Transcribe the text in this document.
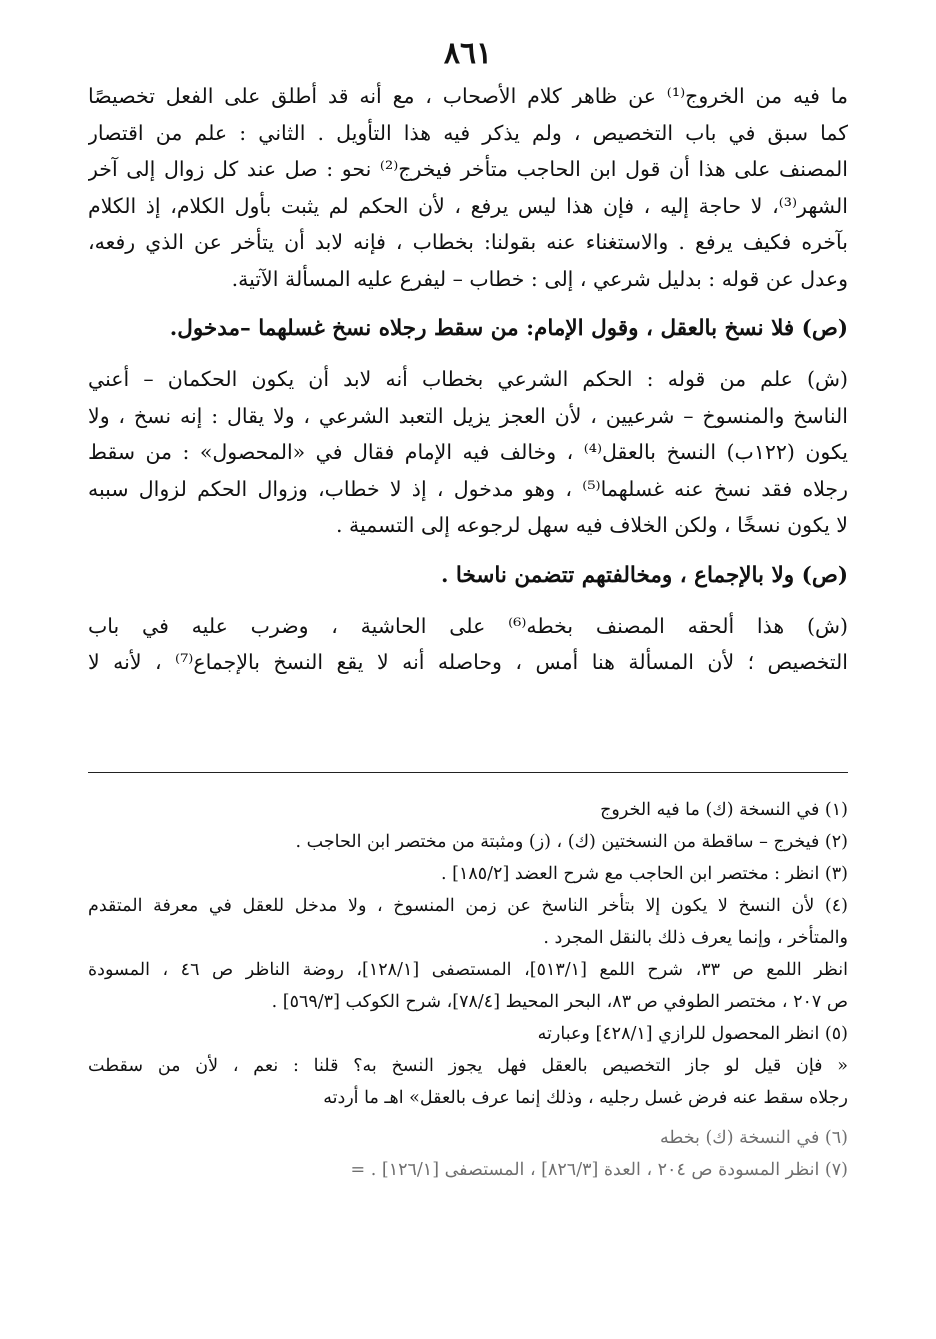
٨٦١
ما فيه من الخروج⁽¹⁾ عن ظاهر كلام الأصحاب ، مع أنه قد أطلق على الفعل تخصيصًا
كما سبق في باب التخصيص ، ولم يذكر فيه هذا التأويل . الثاني : علم من اقتصار
المصنف على هذا أن قول ابن الحاجب متأخر فيخرج⁽²⁾ نحو : صل عند كل زوال إلى آخر
الشهر⁽³⁾، لا حاجة إليه ، فإن هذا ليس يرفع ، لأن الحكم لم يثبت بأول الكلام، إذ الكلام
بآخره فكيف يرفع . والاستغناء عنه بقولنا: بخطاب ، فإنه لابد أن يتأخر عن الذي رفعه،
وعدل عن قوله : بدليل شرعي ، إلى : خطاب – ليفرع عليه المسألة الآتية.
(ص) فلا نسخ بالعقل ، وقول الإمام: من سقط رجلاه نسخ غسلهما –مدخول.
(ش) علم من قوله : الحكم الشرعي بخطاب أنه لابد أن يكون الحكمان – أعني
الناسخ والمنسوخ – شرعيين ، لأن العجز يزيل التعبد الشرعي ، ولا يقال : إنه نسخ ، ولا
يكون (١٢٢ب) النسخ بالعقل⁽⁴⁾ ، وخالف فيه الإمام فقال في «المحصول» : من سقط
رجلاه فقد نسخ عنه غسلهما⁽⁵⁾ ، وهو مدخول ، إذ لا خطاب، وزوال الحكم لزوال سببه
لا يكون نسخًا ، ولكن الخلاف فيه سهل لرجوعه إلى التسمية .
(ص) ولا بالإجماع ، ومخالفتهم تتضمن ناسخا .
(ش) هذا ألحقه المصنف بخطه⁽⁶⁾ على الحاشية ، وضرب عليه في باب
التخصيص ؛ لأن المسألة هنا أمس ، وحاصله أنه لا يقع النسخ بالإجماع⁽⁷⁾ ، لأنه لا
(١) في النسخة (ك) ما فيه الخروج
(٢) فيخرج – ساقطة من النسختين (ك) ، (ز) ومثبتة من مختصر ابن الحاجب .
(٣) انظر : مختصر ابن الحاجب مع شرح العضد [١٨٥/٢] .
(٤) لأن النسخ لا يكون إلا بتأخر الناسخ عن زمن المنسوخ ، ولا مدخل للعقل في معرفة المتقدم
والمتأخر ، وإنما يعرف ذلك بالنقل المجرد .
انظر اللمع ص ٣٣، شرح اللمع [٥١٣/١]، المستصفى [١٢٨/١]، روضة الناظر ص ٤٦ ، المسودة
ص ٢٠٧ ، مختصر الطوفي ص ٨٣، البحر المحيط [٧٨/٤]، شرح الكوكب [٥٦٩/٣] .
(٥) انظر المحصول للرازي [٤٢٨/١] وعبارته
« فإن قيل لو جاز التخصيص بالعقل فهل يجوز النسخ به؟ قلنا : نعم ، لأن من سقطت
رجلاه سقط عنه فرض غسل رجليه ، وذلك إنما عرف بالعقل» اهـ ما أردته
(٦) في النسخة (ك) بخطه
(٧) انظر المسودة ص ٢٠٤ ، العدة [٨٢٦/٣] ، المستصفى [١٢٦/١] . =
